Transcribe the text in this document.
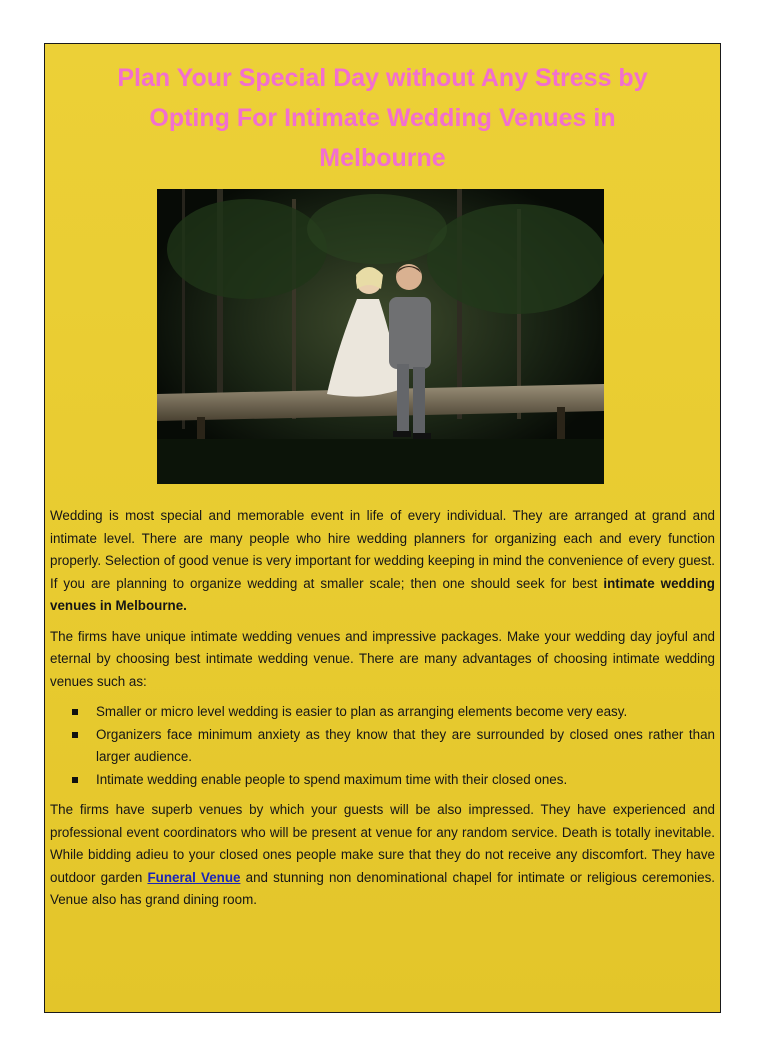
Plan Your Special Day without Any Stress by
Opting For Intimate Wedding Venues in
Melbourne

Wedding is most special and memorable event in life of every individual. They are arranged at grand and intimate level. There are many people who hire wedding planners for organizing each and every function properly. Selection of good venue is very important for wedding keeping in mind the convenience of every guest. If you are planning to organize wedding at smaller scale; then one should seek for best intimate wedding venues in Melbourne.

The firms have unique intimate wedding venues and impressive packages. Make your wedding day joyful and eternal by choosing best intimate wedding venue. There are many advantages of choosing intimate wedding venues such as:

Smaller or micro level wedding is easier to plan as arranging elements become very easy.
Organizers face minimum anxiety as they know that they are surrounded by closed ones rather than larger audience.
Intimate wedding enable people to spend maximum time with their closed ones.

The firms have superb venues by which your guests will be also impressed. They have experienced and professional event coordinators who will be present at venue for any random service. Death is totally inevitable. While bidding adieu to your closed ones people make sure that they do not receive any discomfort. They have outdoor garden Funeral Venue and stunning non denominational chapel for intimate or religious ceremonies. Venue also has grand dining room.
